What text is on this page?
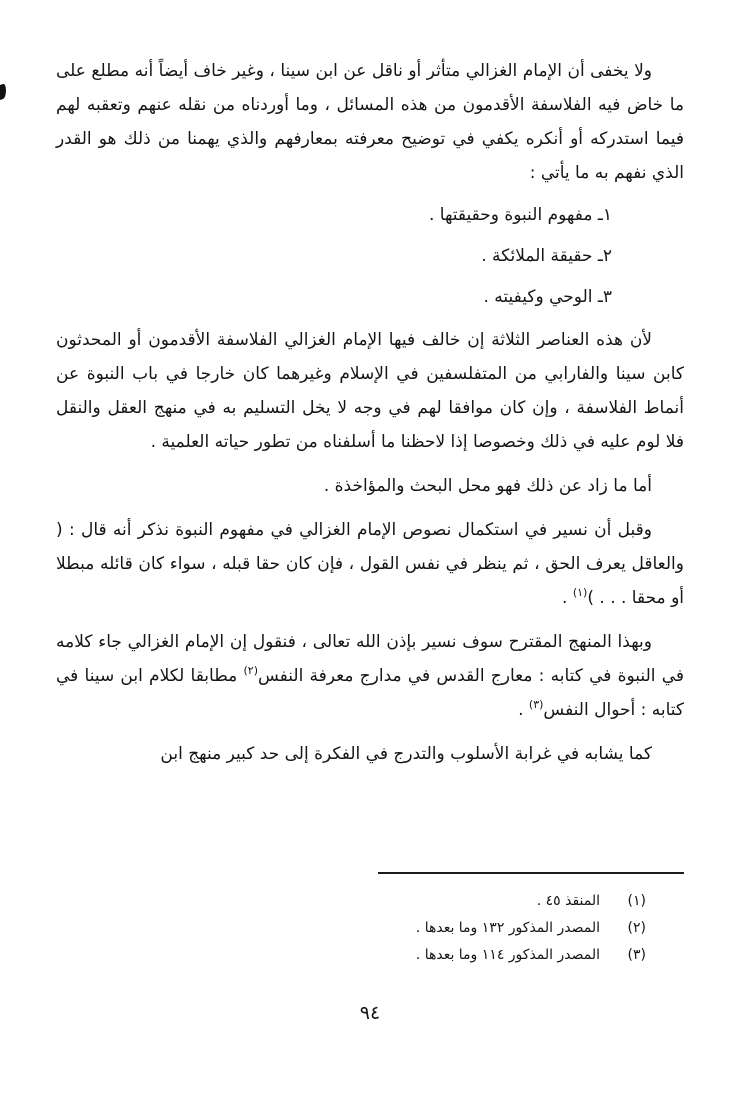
ولا يخفى أن الإمام الغزالي متأثر أو ناقل عن ابن سينا ، وغير خاف أيضاً أنه مطلع على ما خاض فيه الفلاسفة الأقدمون من هذه المسائل ، وما أوردناه من نقله عنهم وتعقبه لهم فيما استدركه أو أنكره يكفي في توضيح معرفته بمعارفهم والذي يهمنا من ذلك هو القدر الذي نفهم به ما يأتي :

١ـ مفهوم النبوة وحقيقتها .
٢ـ حقيقة الملائكة .
٣ـ الوحي وكيفيته .

لأن هذه العناصر الثلاثة إن خالف فيها الإمام الغزالي الفلاسفة الأقدمون أو المحدثون كابن سينا والفارابي من المتفلسفين في الإسلام وغيرهما كان خارجا في باب النبوة عن أنماط الفلاسفة ، وإن كان موافقا لهم في وجه لا يخل التسليم به في منهج العقل والنقل فلا لوم عليه في ذلك وخصوصا إذا لاحظنا ما أسلفناه من تطور حياته العلمية .

أما ما زاد عن ذلك فهو محل البحث والمؤاخذة .

وقبل أن نسير في استكمال نصوص الإمام الغزالي في مفهوم النبوة نذكر أنه قال : ( والعاقل يعرف الحق ، ثم ينظر في نفس القول ، فإن كان حقا قبله ، سواء كان قائله مبطلا أو محقا . . . )$^{(١)}$ .

وبهذا المنهج المقترح سوف نسير بإذن الله تعالى ، فنقول إن الإمام الغزالي جاء كلامه في النبوة في كتابه : معارج القدس في مدارج معرفة النفس$^{(٢)}$ مطابقا لكلام ابن سينا في كتابه : أحوال النفس$^{(٣)}$ .

كما يشابه في غرابة الأسلوب والتدرج في الفكرة إلى حد كبير منهج ابن

(١)
المنقذ ٤٥ .
(٢)
المصدر المذكور ١٣٢ وما بعدها .
(٣)
المصدر المذكور ١١٤ وما بعدها .
٩٤
